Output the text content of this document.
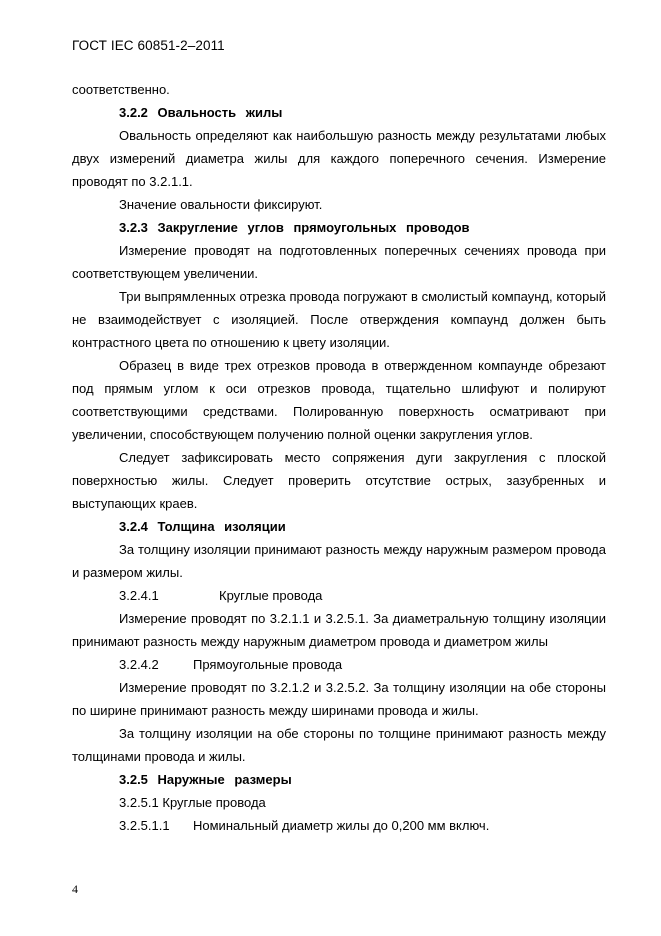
ГОСТ IEC 60851-2–2011

соответственно.

3.2.2 Овальность жилы

Овальность определяют как наибольшую разность между результатами любых двух измерений диаметра жилы для каждого поперечного сечения. Измерение проводят по 3.2.1.1.

Значение овальности фиксируют.

3.2.3 Закругление углов прямоугольных проводов

Измерение проводят на подготовленных поперечных сечениях провода при соответствующем увеличении.

Три выпрямленных отрезка провода погружают в смолистый компаунд, который не взаимодействует с изоляцией. После отверждения компаунд должен быть контрастного цвета по отношению к цвету изоляции.

Образец в виде трех отрезков провода в отвержденном компаунде обрезают под прямым углом к оси отрезков провода, тщательно шлифуют и полируют соответствующими средствами. Полированную поверхность осматривают при увеличении, способствующем получению полной оценки закругления углов.

Следует зафиксировать место сопряжения дуги закругления с плоской поверхностью жилы. Следует проверить отсутствие острых, зазубренных и выступающих краев.

3.2.4 Толщина изоляции

За толщину изоляции принимают разность между наружным размером провода и размером жилы.

3.2.4.1	Круглые провода

Измерение проводят по 3.2.1.1 и 3.2.5.1. За диаметральную толщину изоляции принимают разность между наружным диаметром провода и диаметром жилы

3.2.4.2	Прямоугольные провода

Измерение проводят по 3.2.1.2 и 3.2.5.2. За толщину изоляции на обе стороны по ширине принимают разность между ширинами провода и жилы.

За толщину изоляции на обе стороны по толщине принимают разность между толщинами провода и жилы.

3.2.5 Наружные размеры

3.2.5.1 Круглые провода

3.2.5.1.1 Номинальный диаметр жилы до 0,200 мм включ.

4
